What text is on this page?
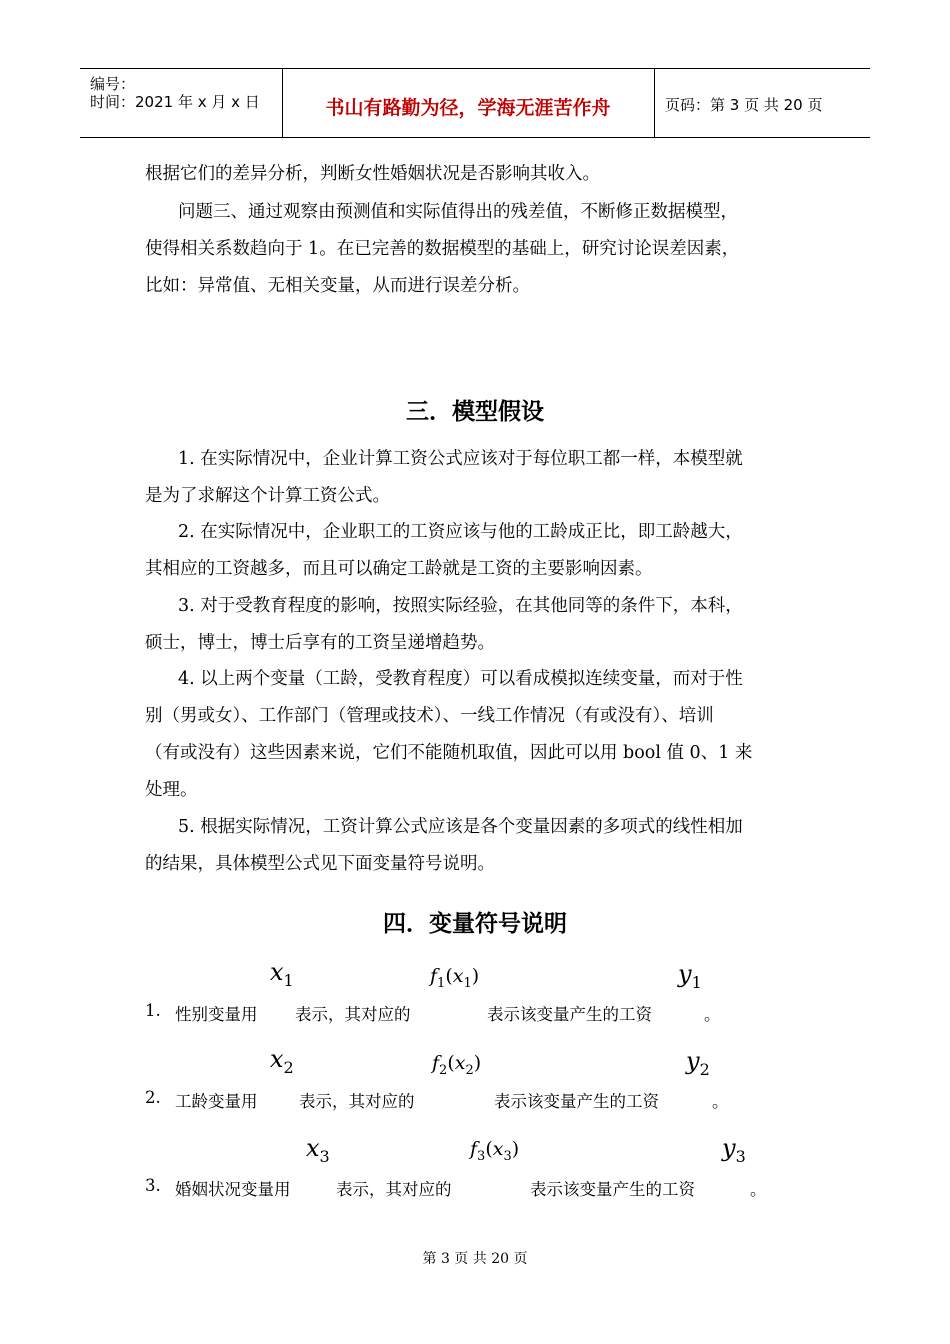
编号：
时间：2021 年 x 月 x 日	书山有路勤为径，学海无涯苦作舟	页码：第 3 页 共 20 页
根据它们的差异分析，判断女性婚姻状况是否影响其收入。
问题三、通过观察由预测值和实际值得出的残差值，不断修正数据模型，
使得相关系数趋向于 1。在已完善的数据模型的基础上，研究讨论误差因素，
比如：异常值、无相关变量，从而进行误差分析。
三．模型假设
1. 在实际情况中，企业计算工资公式应该对于每位职工都一样，本模型就
是为了求解这个计算工资公式。
2. 在实际情况中，企业职工的工资应该与他的工龄成正比，即工龄越大，
其相应的工资越多，而且可以确定工龄就是工资的主要影响因素。
3. 对于受教育程度的影响，按照实际经验，在其他同等的条件下，本科，
硕士，博士，博士后享有的工资呈递增趋势。
4. 以上两个变量（工龄，受教育程度）可以看成模拟连续变量，而对于性
别（男或女）、工作部门（管理或技术）、一线工作情况（有或没有）、培训
（有或没有）这些因素来说，它们不能随机取值，因此可以用 bool 值 0、1 来
处理。
5. 根据实际情况，工资计算公式应该是各个变量因素的多项式的线性相加
的结果，具体模型公式见下面变量符号说明。
四．变量符号说明
$x_1$	$f_1(x_1)$	$y_1$
1. 性别变量用 表示，其对应的	表示该变量产生的工资	。
$x_2$	$f_2(x_2)$	$y_2$
2. 工龄变量用	表示，其对应的	表示该变量产生的工资	。
$x_3$	$f_3(x_3)$	$y_3$
3. 婚姻状况变量用	表示，其对应的	表示该变量产生的工资	。
第 3 页 共 20 页
